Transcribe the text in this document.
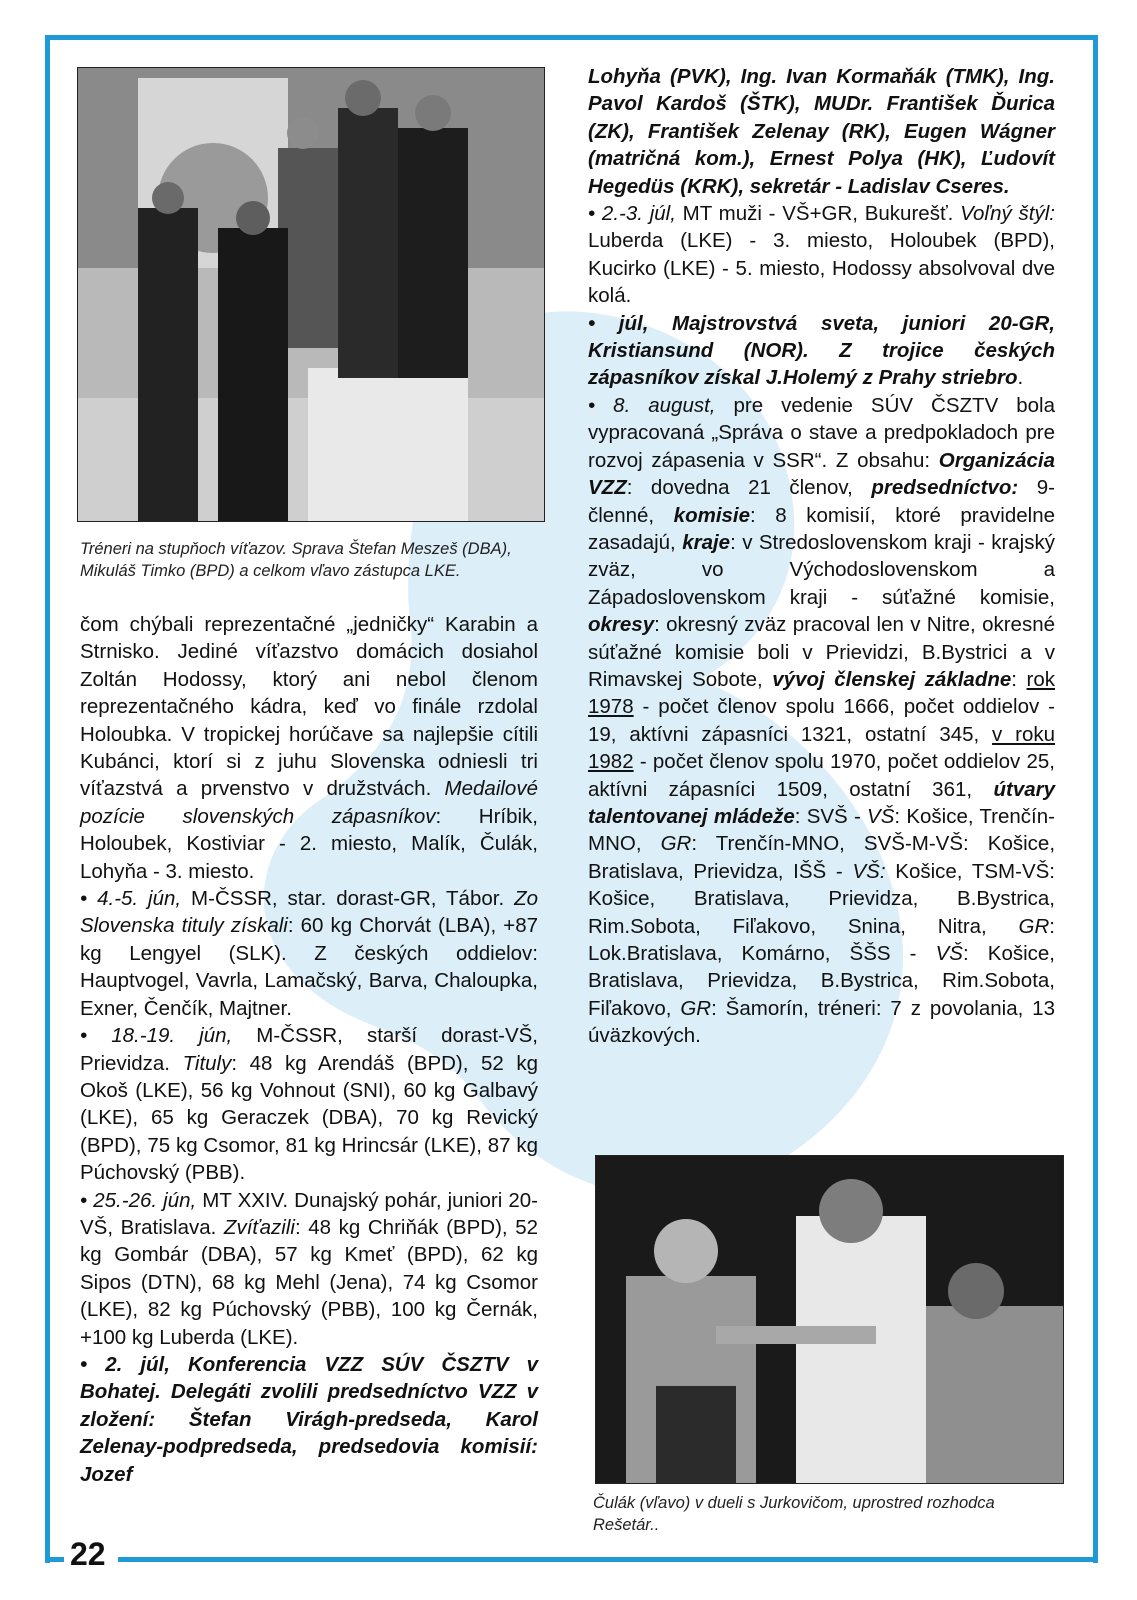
22
Tréneri na stupňoch víťazov. Sprava Štefan Meszeš (DBA), Mikuláš Timko (BPD) a celkom vľavo zástupca LKE.

čom chýbali reprezentačné „jedničky“ Karabin a Strnisko. Jediné víťazstvo domácich dosiahol Zoltán Hodossy, ktorý ani nebol členom reprezentačného kádra, keď vo finále rzdolal Holoubka. V tropickej horúčave sa najlepšie cítili Kubánci, ktorí si z juhu Slovenska odniesli tri víťazstvá a prvenstvo v družstvách. Medailové pozície slovenských zápasníkov: Hríbik, Holoubek, Kostiviar - 2. miesto, Malík, Čulák, Lohyňa - 3. miesto.

• 4.-5. jún, M-ČSSR, star. dorast-GR, Tábor. Zo Slovenska tituly získali: 60 kg Chorvát (LBA), +87 kg Lengyel (SLK). Z českých oddielov: Hauptvogel, Vavrla, Lamačský, Barva, Chaloupka, Exner, Čenčík, Majtner.

• 18.-19. jún, M-ČSSR, starší dorast-VŠ, Prievidza. Tituly: 48 kg Arendáš (BPD), 52 kg Okoš (LKE), 56 kg Vohnout (SNI), 60 kg Galbavý (LKE), 65 kg Geraczek (DBA), 70 kg Revický (BPD), 75 kg Csomor, 81 kg Hrincsár (LKE), 87 kg Púchovský (PBB).

• 25.-26. jún, MT XXIV. Dunajský pohár, juniori 20-VŠ, Bratislava. Zvíťazili: 48 kg Chriňák (BPD), 52 kg Gombár (DBA), 57 kg Kmeť (BPD), 62 kg Sipos (DTN), 68 kg Mehl (Jena), 74 kg Csomor (LKE), 82 kg Púchovský (PBB), 100 kg Černák, +100 kg Luberda (LKE).

• 2. júl, Konferencia VZZ SÚV ČSZTV v Bohatej. Delegáti zvolili predsedníctvo VZZ v zložení: Štefan Virágh-predseda, Karol Zelenay-podpredseda, predsedovia komisií: Jozef

Lohyňa (PVK), Ing. Ivan Kormaňák (TMK), Ing. Pavol Kardoš (ŠTK), MUDr. František Ďurica (ZK), František Zelenay (RK), Eugen Wágner (matričná kom.), Ernest Polya (HK), Ľudovít Hegedüs (KRK), sekretár - Ladislav Cseres.

• 2.-3. júl, MT muži - VŠ+GR, Bukurešť. Voľný štýl: Luberda (LKE) - 3. miesto, Holoubek (BPD), Kucirko (LKE) - 5. miesto, Hodossy absolvoval dve kolá.

• júl, Majstrovstvá sveta, juniori 20-GR, Kristiansund (NOR). Z trojice českých zápasníkov získal J.Holemý z Prahy striebro.

• 8. august, pre vedenie SÚV ČSZTV bola vypracovaná „Správa o stave a predpokladoch pre rozvoj zápasenia v SSR“. Z obsahu: Organizácia VZZ: dovedna 21 členov, predsedníctvo: 9-členné, komisie: 8 komisií, ktoré pravidelne zasadajú, kraje: v Stredoslovenskom kraji - krajský zväz, vo Východoslovenskom a Západoslovenskom kraji - súťažné komisie, okresy: okresný zväz pracoval len v Nitre, okresné súťažné komisie boli v Prievidzi, B.Bystrici a v Rimavskej Sobote, vývoj členskej základne: rok 1978 - počet členov spolu 1666, počet oddielov - 19, aktívni zápasníci 1321, ostatní 345, v roku 1982 - počet členov spolu 1970, počet oddielov 25, aktívni zápasníci 1509, ostatní 361, útvary talentovanej mládeže: SVŠ - VŠ: Košice, Trenčín-MNO, GR: Trenčín-MNO, SVŠ-M-VŠ: Košice, Bratislava, Prievidza, IŠŠ - VŠ: Košice, TSM-VŠ: Košice, Bratislava, Prievidza, B.Bystrica, Rim.Sobota, Fiľakovo, Snina, Nitra, GR: Lok.Bratislava, Komárno, ŠŠS - VŠ: Košice, Bratislava, Prievidza, B.Bystrica, Rim.Sobota, Fiľakovo, GR: Šamorín, tréneri: 7 z povolania, 13 úväzkových.

Čulák (vľavo) v dueli s Jurkovičom, uprostred rozhodca Rešetár..
